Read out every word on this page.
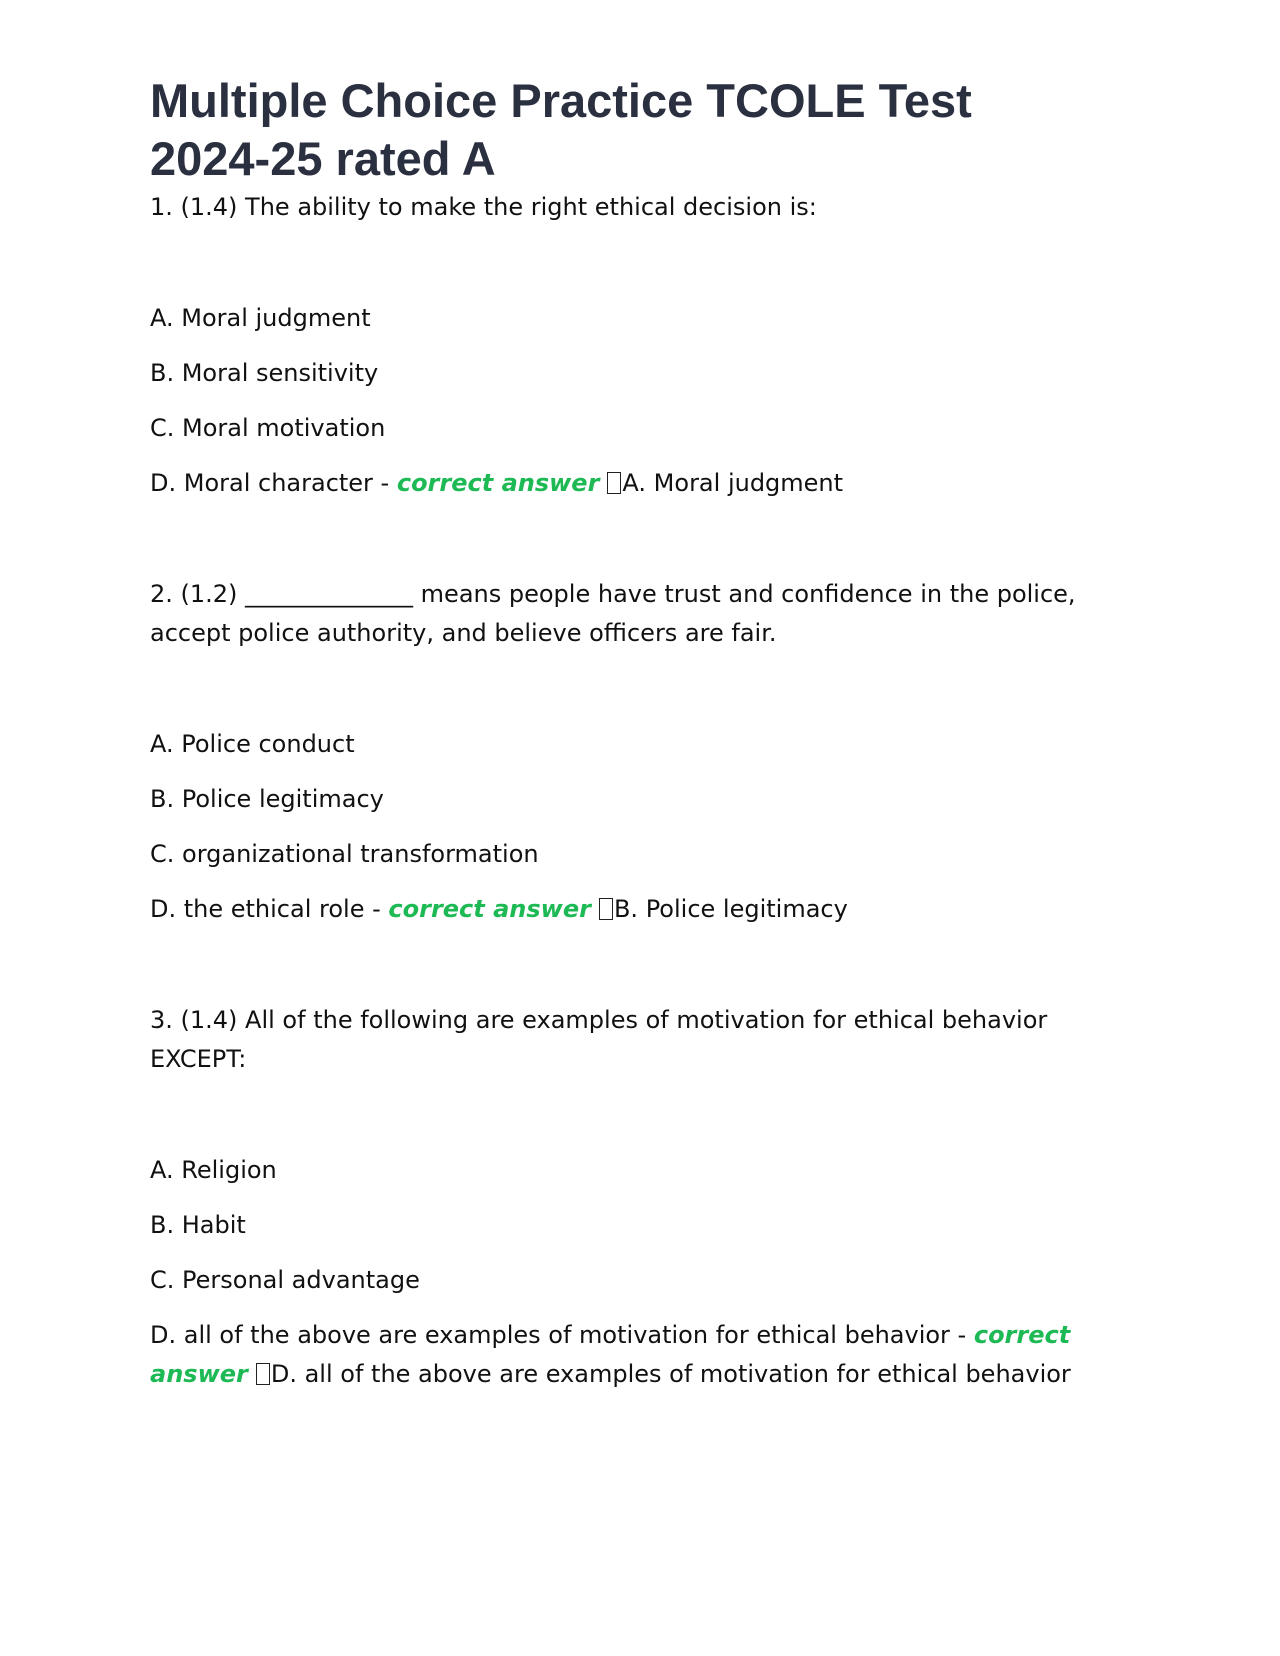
Multiple Choice Practice TCOLE Test 2024-25 rated A

1. (1.4) The ability to make the right ethical decision is:

A. Moral judgment

B. Moral sensitivity

C. Moral motivation

D. Moral character - correct answer A. Moral judgment

2. (1.2) ______________ means people have trust and confidence in the police, accept police authority, and believe officers are fair.

A. Police conduct

B. Police legitimacy

C. organizational transformation

D. the ethical role - correct answer B. Police legitimacy

3. (1.4) All of the following are examples of motivation for ethical behavior EXCEPT:

A. Religion

B. Habit

C. Personal advantage

D. all of the above are examples of motivation for ethical behavior - correct answer D. all of the above are examples of motivation for ethical behavior
